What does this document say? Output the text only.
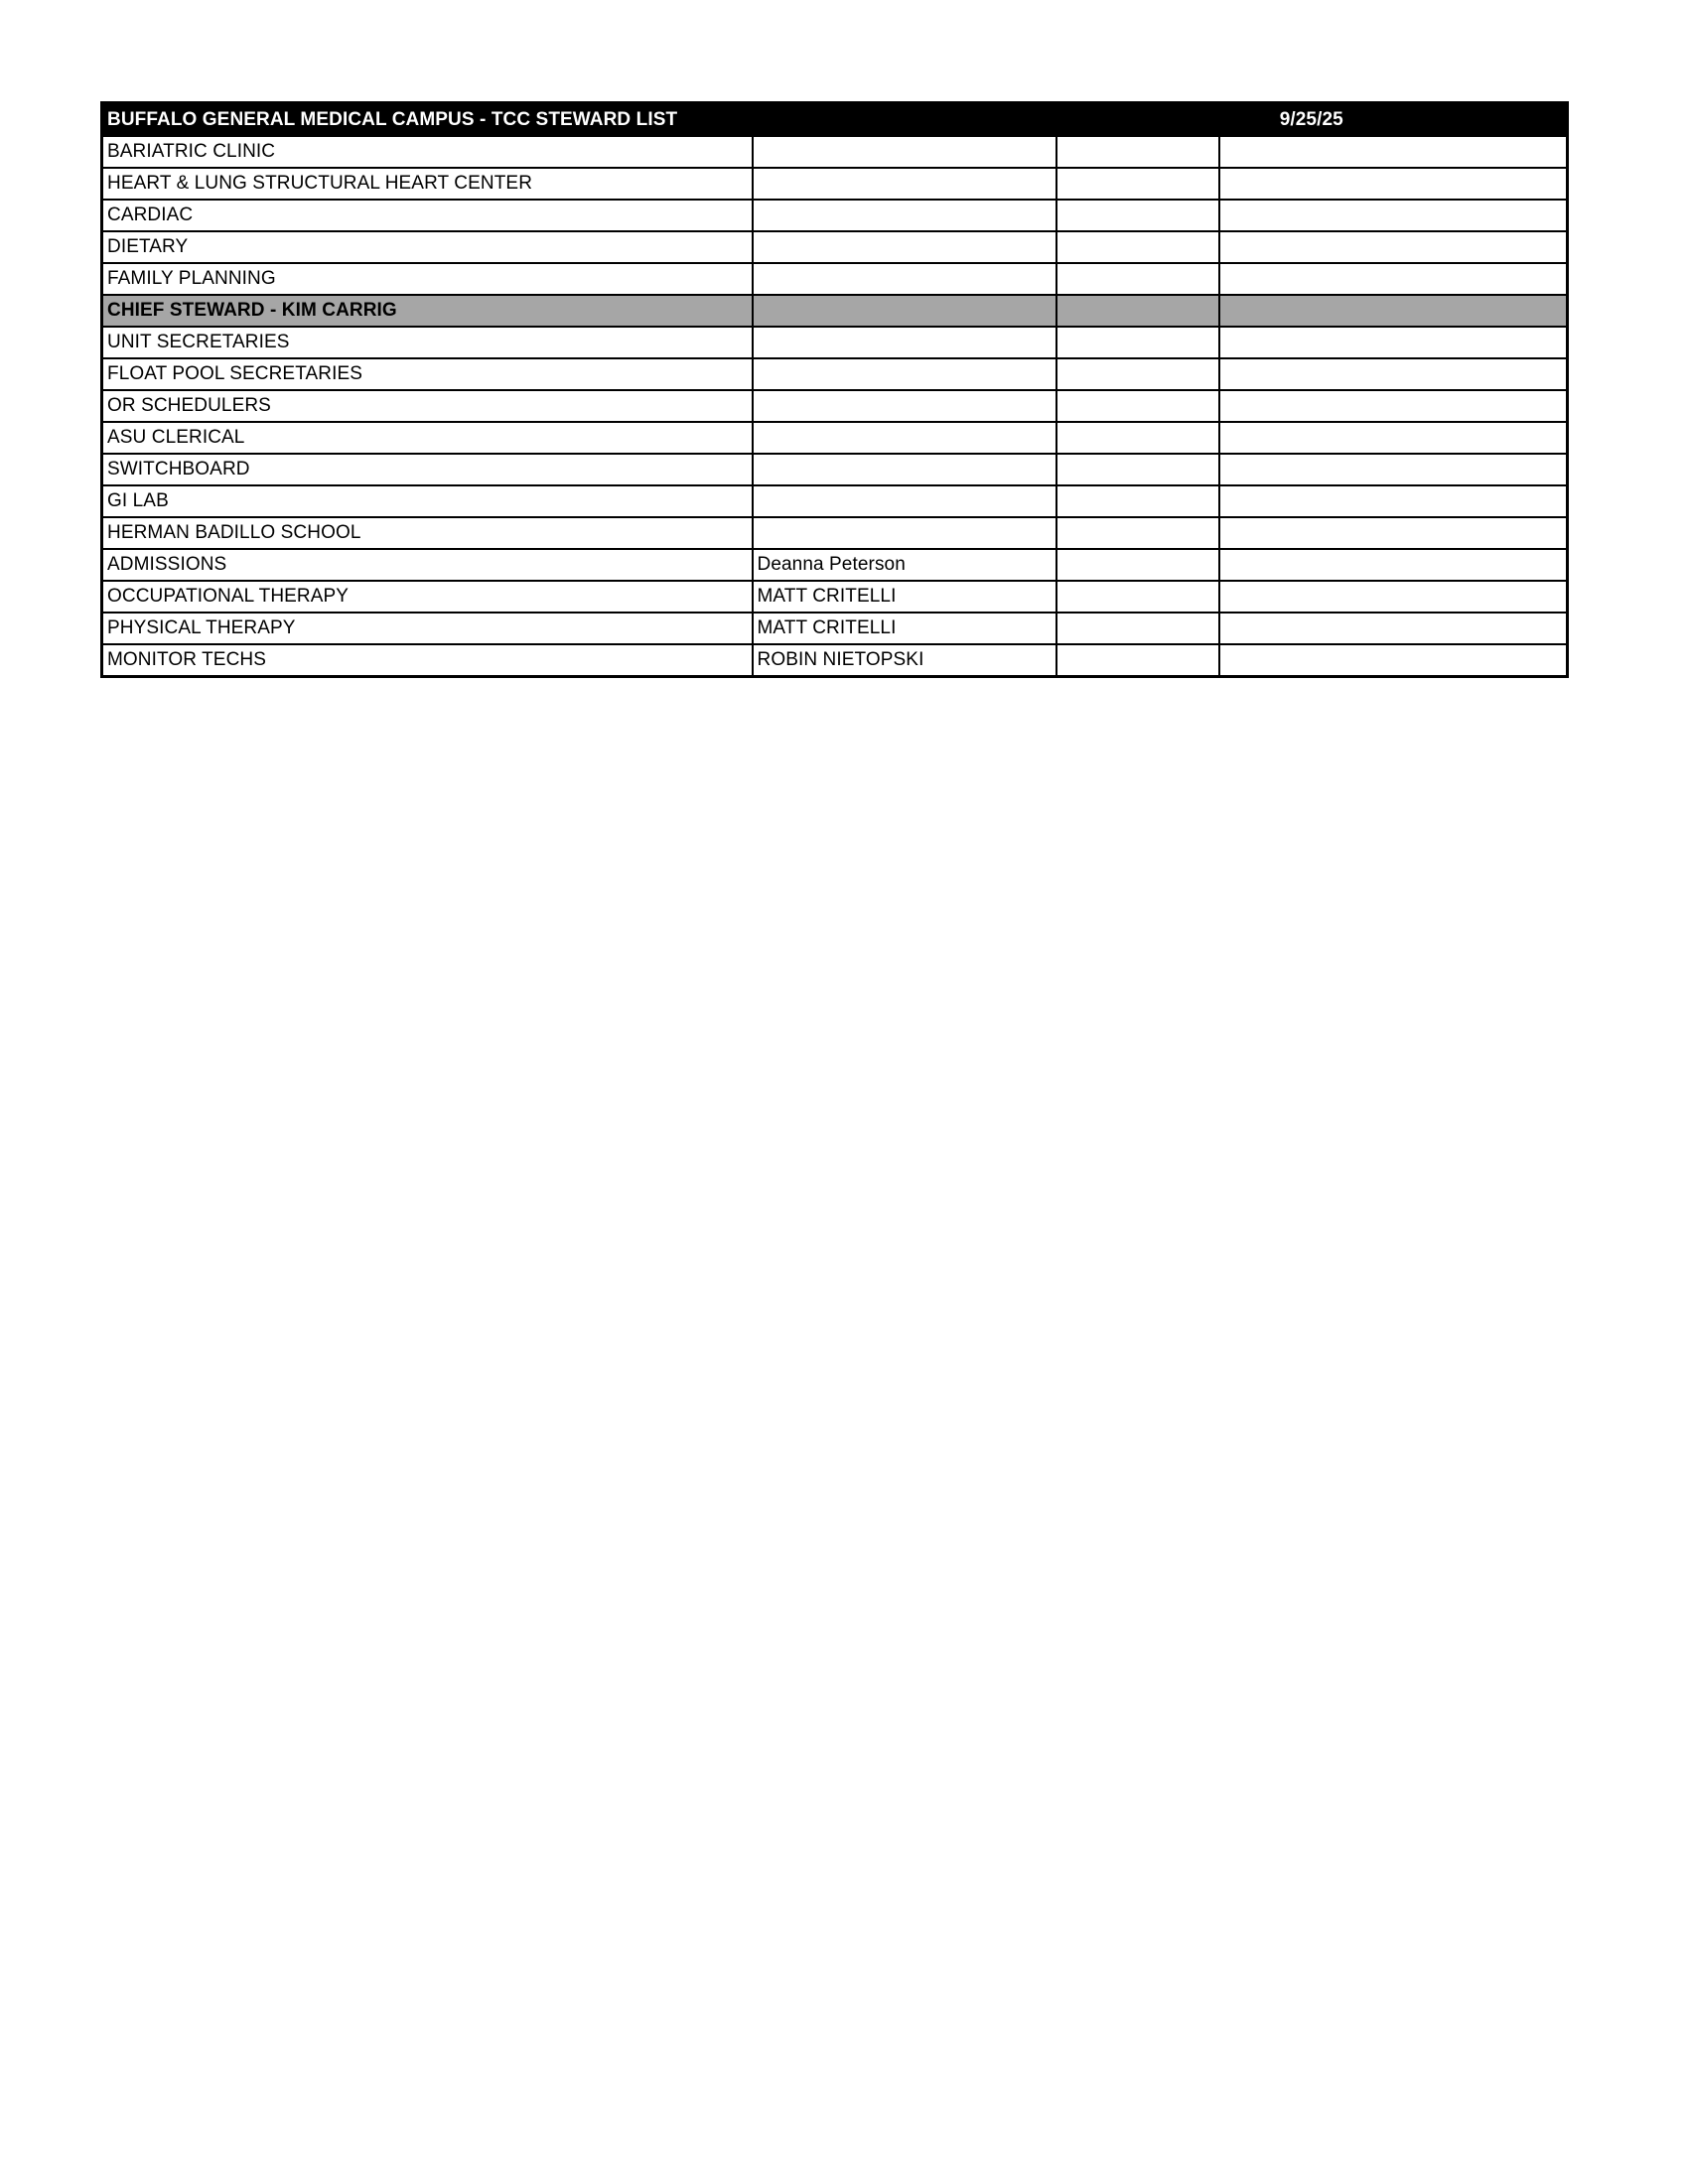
BUFFALO GENERAL MEDICAL CAMPUS - TCC STEWARD LIST		9/25/25	
BARIATRIC CLINIC			
HEART & LUNG STRUCTURAL HEART CENTER			
CARDIAC			
DIETARY			
FAMILY PLANNING			
CHIEF STEWARD - KIM CARRIG			
UNIT SECRETARIES			
FLOAT POOL SECRETARIES			
OR SCHEDULERS			
ASU CLERICAL			
SWITCHBOARD			
GI LAB			
HERMAN BADILLO SCHOOL			
ADMISSIONS	Deanna Peterson		
OCCUPATIONAL THERAPY	MATT CRITELLI		
PHYSICAL THERAPY	MATT CRITELLI		
MONITOR TECHS	ROBIN NIETOPSKI		
